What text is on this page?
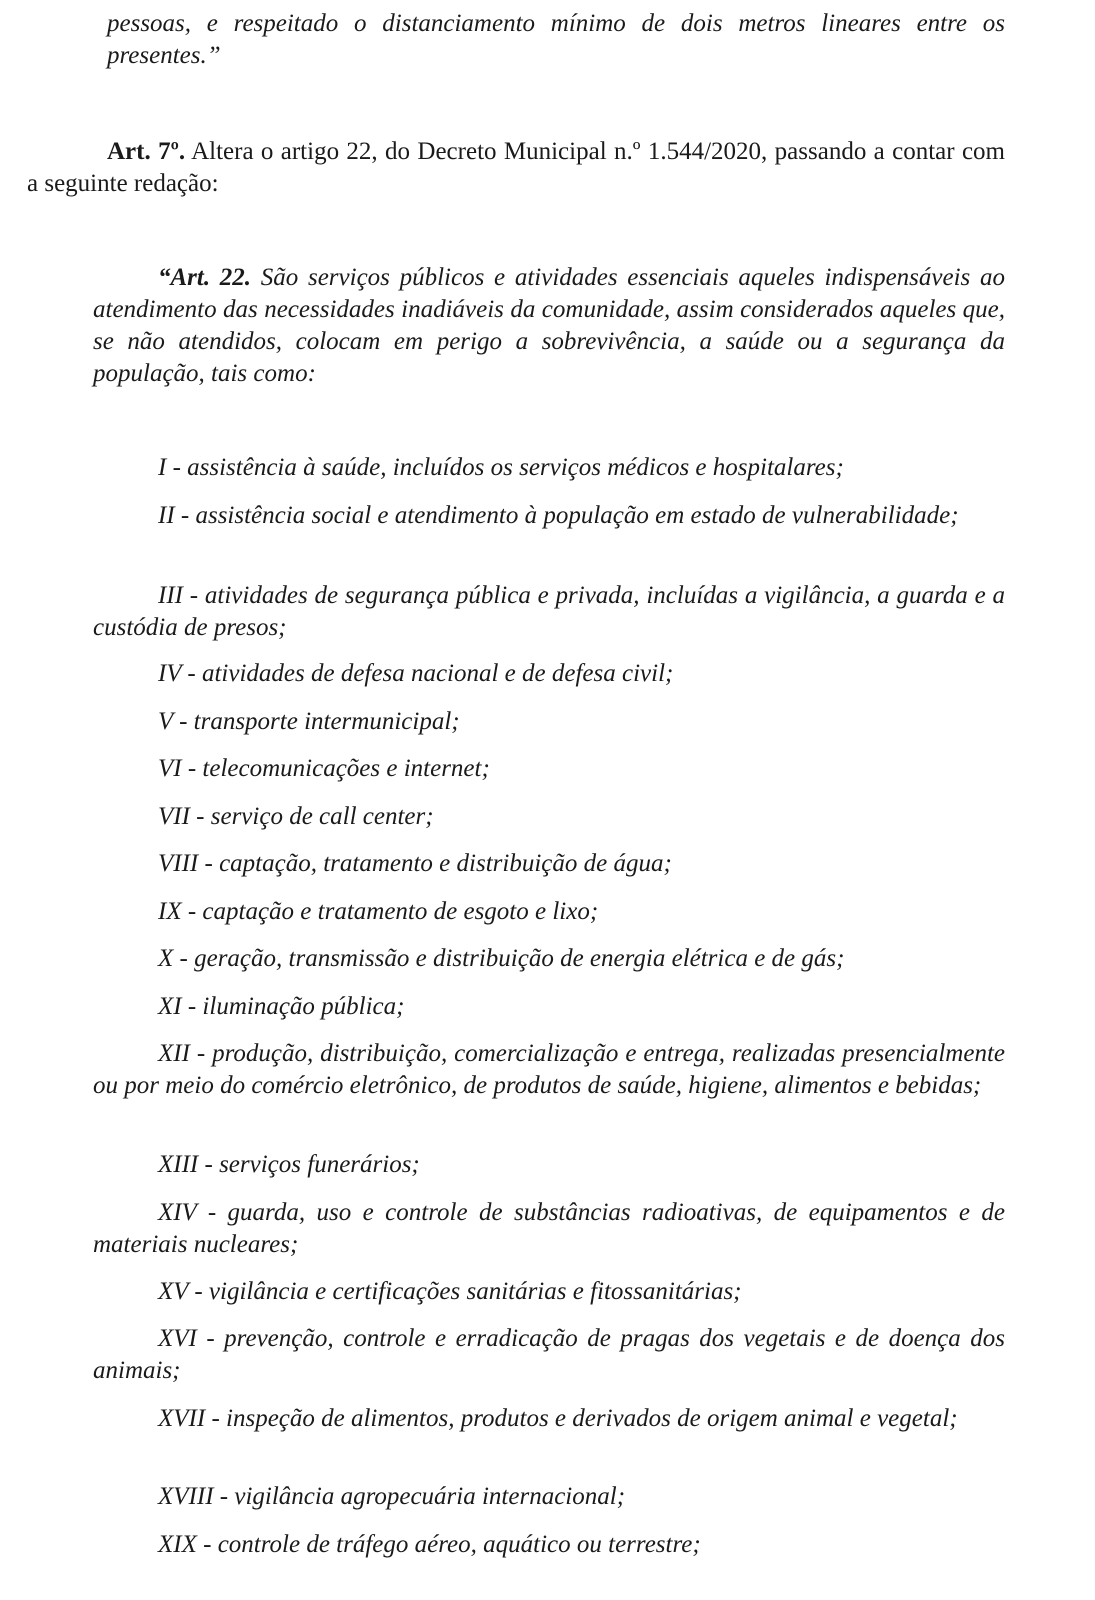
pessoas, e respeitado o distanciamento mínimo de dois metros lineares entre os presentes.”

Art. 7º. Altera o artigo 22, do Decreto Municipal n.º 1.544/2020, passando a contar com a seguinte redação:

“Art. 22. São serviços públicos e atividades essenciais aqueles indispensáveis ao atendimento das necessidades inadiáveis da comunidade, assim considerados aqueles que, se não atendidos, colocam em perigo a sobrevivência, a saúde ou a segurança da população, tais como:

I - assistência à saúde, incluídos os serviços médicos e hospitalares;

II - assistência social e atendimento à população em estado de vulnerabilidade;

III - atividades de segurança pública e privada, incluídas a vigilância, a guarda e a custódia de presos;

IV - atividades de defesa nacional e de defesa civil;

V - transporte intermunicipal;

VI - telecomunicações e internet;

VII - serviço de call center;

VIII - captação, tratamento e distribuição de água;

IX - captação e tratamento de esgoto e lixo;

X - geração, transmissão e distribuição de energia elétrica e de gás;

XI - iluminação pública;

XII - produção, distribuição, comercialização e entrega, realizadas presencialmente ou por meio do comércio eletrônico, de produtos de saúde, higiene, alimentos e bebidas;

XIII - serviços funerários;

XIV - guarda, uso e controle de substâncias radioativas, de equipamentos e de materiais nucleares;

XV - vigilância e certificações sanitárias e fitossanitárias;

XVI - prevenção, controle e erradicação de pragas dos vegetais e de doença dos animais;

XVII - inspeção de alimentos, produtos e derivados de origem animal e vegetal;

XVIII - vigilância agropecuária internacional;

XIX - controle de tráfego aéreo, aquático ou terrestre;
